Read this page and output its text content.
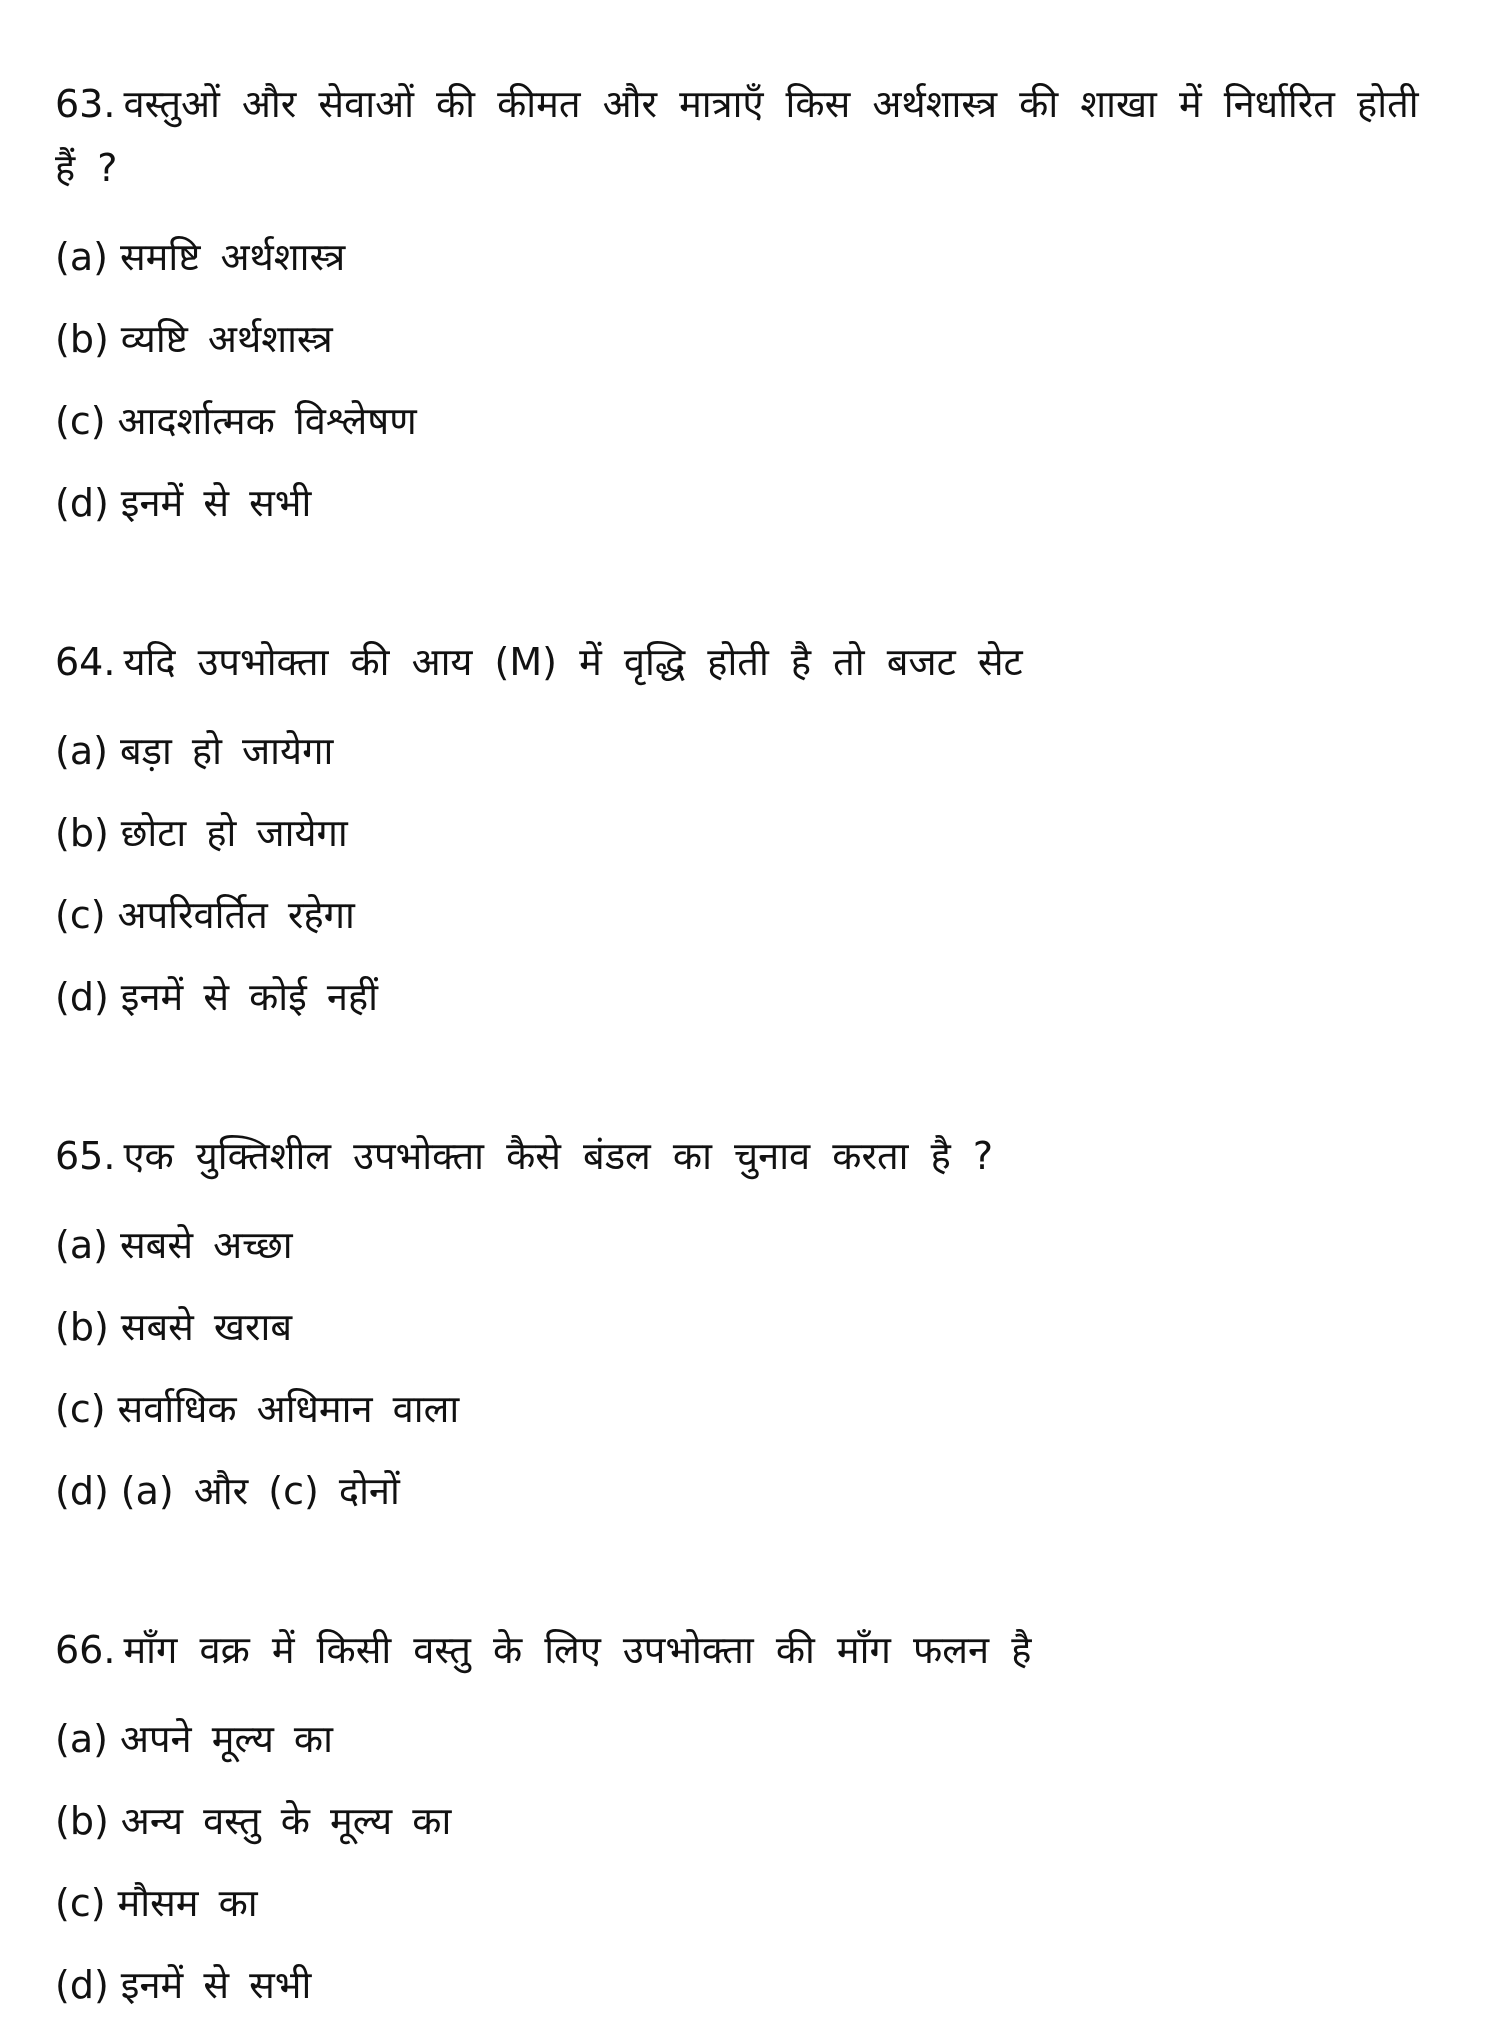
63. वस्तुओं और सेवाओं की कीमत और मात्राएँ किस अर्थशास्त्र की शाखा में निर्धारित होती हैं ?

(a) समष्टि अर्थशास्त्र
(b) व्यष्टि अर्थशास्त्र
(c) आदर्शात्मक विश्लेषण
(d) इनमें से सभी

64. यदि उपभोक्ता की आय (M) में वृद्धि होती है तो बजट सेट

(a) बड़ा हो जायेगा
(b) छोटा हो जायेगा
(c) अपरिवर्तित रहेगा
(d) इनमें से कोई नहीं

65. एक युक्तिशील उपभोक्ता कैसे बंडल का चुनाव करता है ?

(a) सबसे अच्छा
(b) सबसे खराब
(c) सर्वाधिक अधिमान वाला
(d) (a) और (c) दोनों

66. माँग वक्र में किसी वस्तु के लिए उपभोक्ता की माँग फलन है

(a) अपने मूल्य का
(b) अन्य वस्तु के मूल्य का
(c) मौसम का
(d) इनमें से सभी
